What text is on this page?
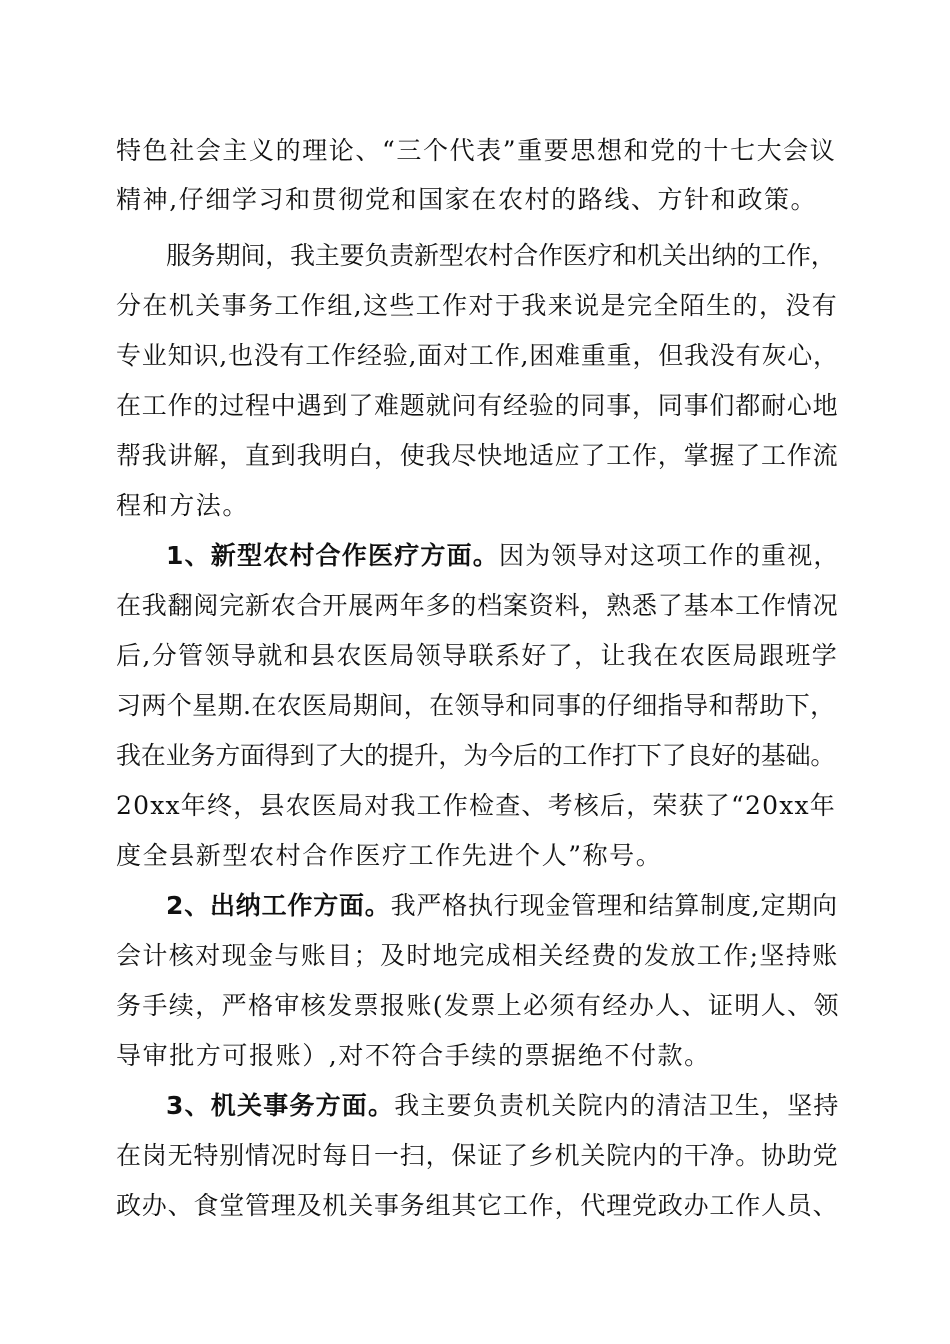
特色社会主义的理论、“三个代表”重要思想和党的十七大会议
精神,仔细学习和贯彻党和国家在农村的路线、方针和政策。
服务期间，我主要负责新型农村合作医疗和机关出纳的工作，
分在机关事务工作组,这些工作对于我来说是完全陌生的，没有
专业知识,也没有工作经验,面对工作,困难重重，但我没有灰心，
在工作的过程中遇到了难题就问有经验的同事，同事们都耐心地
帮我讲解，直到我明白，使我尽快地适应了工作，掌握了工作流
程和方法。
1、新型农村合作医疗方面。因为领导对这项工作的重视，
在我翻阅完新农合开展两年多的档案资料，熟悉了基本工作情况
后,分管领导就和县农医局领导联系好了，让我在农医局跟班学
习两个星期.在农医局期间，在领导和同事的仔细指导和帮助下，
我在业务方面得到了大的提升，为今后的工作打下了良好的基础。
20xx年终，县农医局对我工作检查、考核后，荣获了“20xx年
度全县新型农村合作医疗工作先进个人”称号。
2、出纳工作方面。我严格执行现金管理和结算制度,定期向
会计核对现金与账目；及时地完成相关经费的发放工作;坚持账
务手续，严格审核发票报账(发票上必须有经办人、证明人、领
导审批方可报账）,对不符合手续的票据绝不付款。
3、机关事务方面。我主要负责机关院内的清洁卫生，坚持
在岗无特别情况时每日一扫，保证了乡机关院内的干净。协助党
政办、食堂管理及机关事务组其它工作，代理党政办工作人员、
